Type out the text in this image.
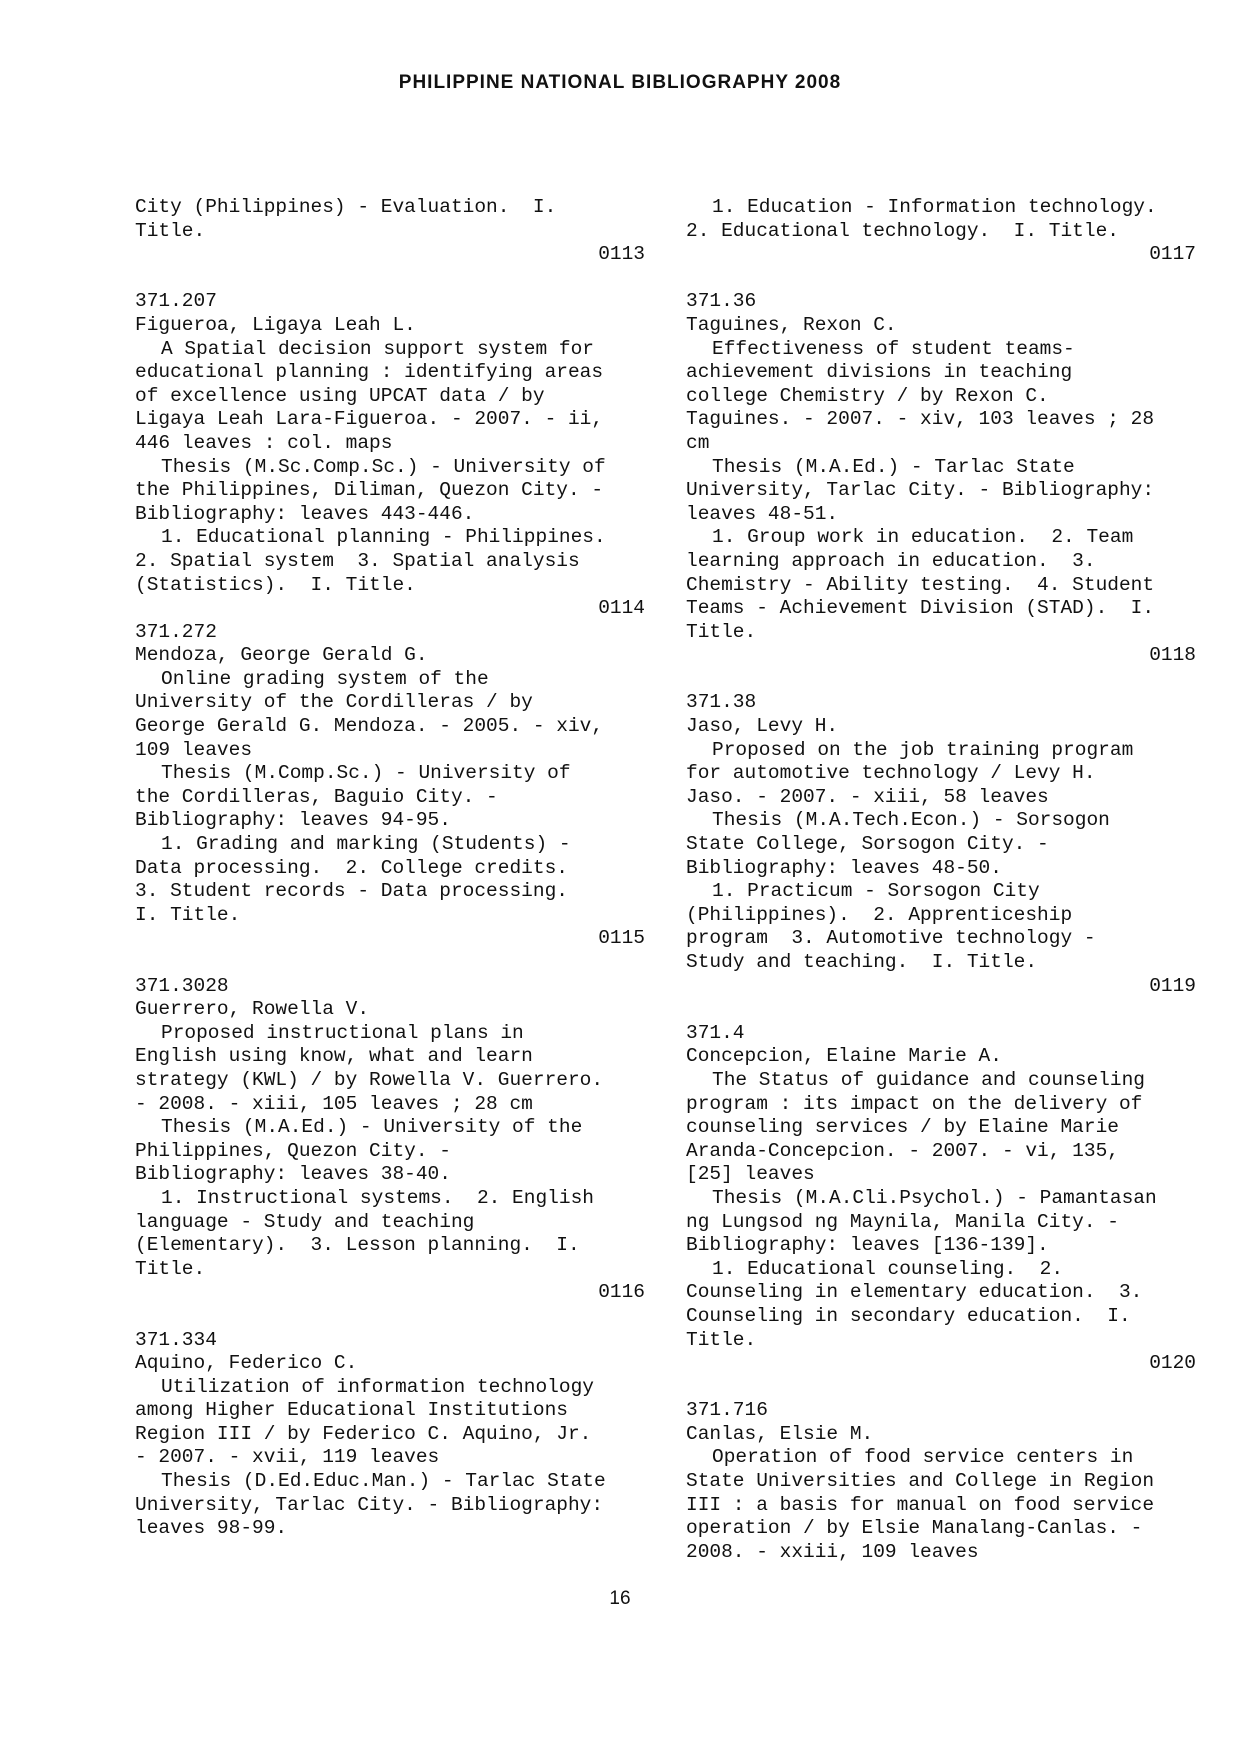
PHILIPPINE NATIONAL BIBLIOGRAPHY 2008
City (Philippines) - Evaluation.  I.
Title.
0113
371.207
Figueroa, Ligaya Leah L.
A Spatial decision support system for
educational planning : identifying areas
of excellence using UPCAT data / by
Ligaya Leah Lara-Figueroa. - 2007. - ii,
446 leaves : col. maps
Thesis (M.Sc.Comp.Sc.) - University of
the Philippines, Diliman, Quezon City. -
Bibliography: leaves 443-446.
1. Educational planning - Philippines.
2. Spatial system  3. Spatial analysis
(Statistics).  I. Title.
0114
371.272
Mendoza, George Gerald G.
Online grading system of the
University of the Cordilleras / by
George Gerald G. Mendoza. - 2005. - xiv,
109 leaves
Thesis (M.Comp.Sc.) - University of
the Cordilleras, Baguio City. -
Bibliography: leaves 94-95.
1. Grading and marking (Students) -
Data processing.  2. College credits.
3. Student records - Data processing.
I. Title.
0115
371.3028
Guerrero, Rowella V.
Proposed instructional plans in
English using know, what and learn
strategy (KWL) / by Rowella V. Guerrero.
- 2008. - xiii, 105 leaves ; 28 cm
Thesis (M.A.Ed.) - University of the
Philippines, Quezon City. -
Bibliography: leaves 38-40.
1. Instructional systems.  2. English
language - Study and teaching
(Elementary).  3. Lesson planning.  I.
Title.
0116
371.334
Aquino, Federico C.
Utilization of information technology
among Higher Educational Institutions
Region III / by Federico C. Aquino, Jr.
- 2007. - xvii, 119 leaves
Thesis (D.Ed.Educ.Man.) - Tarlac State
University, Tarlac City. - Bibliography:
leaves 98-99.
1. Education - Information technology.
2. Educational technology.  I. Title.
0117
371.36
Taguines, Rexon C.
Effectiveness of student teams-
achievement divisions in teaching
college Chemistry / by Rexon C.
Taguines. - 2007. - xiv, 103 leaves ; 28
cm
Thesis (M.A.Ed.) - Tarlac State
University, Tarlac City. - Bibliography:
leaves 48-51.
1. Group work in education.  2. Team
learning approach in education.  3.
Chemistry - Ability testing.  4. Student
Teams - Achievement Division (STAD).  I.
Title.
0118
371.38
Jaso, Levy H.
Proposed on the job training program
for automotive technology / Levy H.
Jaso. - 2007. - xiii, 58 leaves
Thesis (M.A.Tech.Econ.) - Sorsogon
State College, Sorsogon City. -
Bibliography: leaves 48-50.
1. Practicum - Sorsogon City
(Philippines).  2. Apprenticeship
program  3. Automotive technology -
Study and teaching.  I. Title.
0119
371.4
Concepcion, Elaine Marie A.
The Status of guidance and counseling
program : its impact on the delivery of
counseling services / by Elaine Marie
Aranda-Concepcion. - 2007. - vi, 135,
[25] leaves
Thesis (M.A.Cli.Psychol.) - Pamantasan
ng Lungsod ng Maynila, Manila City. -
Bibliography: leaves [136-139].
1. Educational counseling.  2.
Counseling in elementary education.  3.
Counseling in secondary education.  I.
Title.
0120
371.716
Canlas, Elsie M.
Operation of food service centers in
State Universities and College in Region
III : a basis for manual on food service
operation / by Elsie Manalang-Canlas. -
2008. - xxiii, 109 leaves
16
